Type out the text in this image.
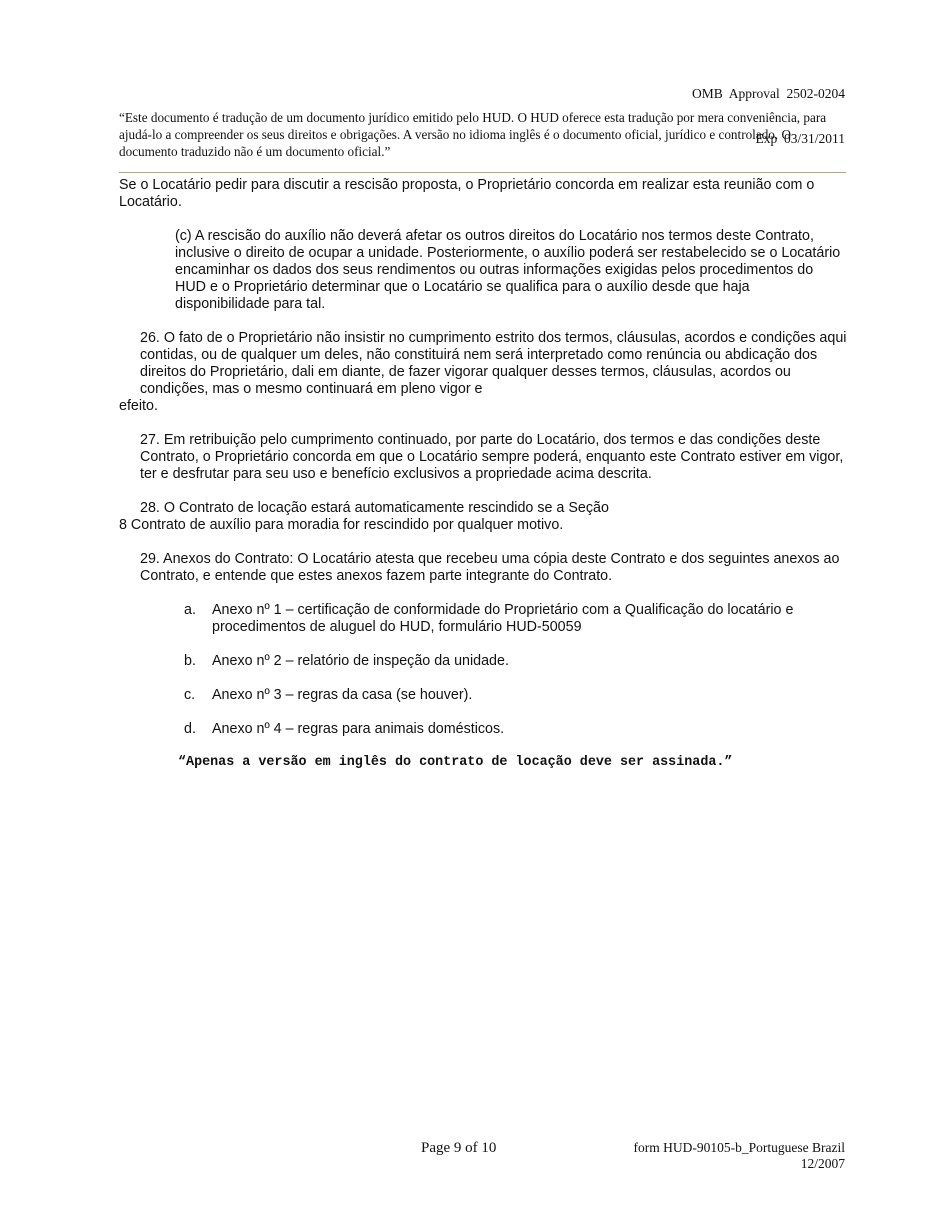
OMB  Approval  2502-0204

Exp  03/31/2011

“Este documento é tradução de um documento jurídico emitido pelo HUD. O HUD oferece esta tradução por mera conveniência, para ajudá-lo a compreender os seus direitos e obrigações. A versão no idioma inglês é o documento oficial, jurídico e controlado. O documento traduzido não é um documento oficial.”

Se o Locatário pedir para discutir a rescisão proposta, o Proprietário concorda em realizar esta reunião com o Locatário.

(c) A rescisão do auxílio não deverá afetar os outros direitos do Locatário nos termos deste Contrato, inclusive o direito de ocupar a unidade. Posteriormente, o auxílio poderá ser restabelecido se o Locatário encaminhar os dados dos seus rendimentos ou outras informações exigidas pelos procedimentos do HUD e o Proprietário determinar que o Locatário se qualifica para o auxílio desde que haja disponibilidade para tal.

26. O fato de o Proprietário não insistir no cumprimento estrito dos termos, cláusulas, acordos e condições aqui contidas, ou de qualquer um deles, não constituirá nem será interpretado como renúncia ou abdicação dos direitos do Proprietário, dali em diante, de fazer vigorar qualquer desses termos, cláusulas, acordos ou condições, mas o mesmo continuará em pleno vigor e

efeito.

27. Em retribuição pelo cumprimento continuado, por parte do Locatário, dos termos e das condições deste Contrato, o Proprietário concorda em que o Locatário sempre poderá, enquanto este Contrato estiver em vigor, ter e desfrutar para seu uso e benefício exclusivos a propriedade acima descrita.

28. O Contrato de locação estará automaticamente rescindido se a Seção

8 Contrato de auxílio para moradia for rescindido por qualquer motivo.

29. Anexos do Contrato: O Locatário atesta que recebeu uma cópia deste Contrato e dos seguintes anexos ao Contrato, e entende que estes anexos fazem parte integrante do Contrato.

a. Anexo nº 1 – certificação de conformidade do Proprietário com a Qualificação do locatário e procedimentos de aluguel do HUD, formulário HUD-50059
b. Anexo nº 2 – relatório de inspeção da unidade.
c. Anexo nº 3 – regras da casa (se houver).
d. Anexo nº 4 – regras para animais domésticos.
“Apenas a versão em inglês do contrato de locação deve ser assinada.”
Page 9 of 10	form HUD-90105-b_Portuguese Brazil
12/2007
